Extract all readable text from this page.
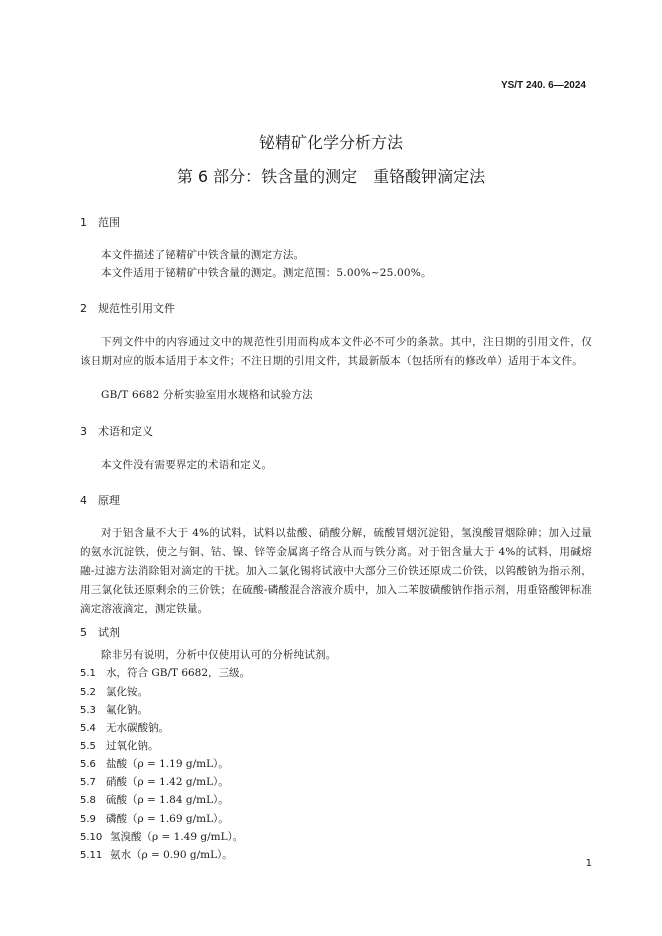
YS/T 240. 6—2024
铋精矿化学分析方法
第 6 部分：铁含量的测定　重铬酸钾滴定法
1 范围
本文件描述了铋精矿中铁含量的测定方法。
本文件适用于铋精矿中铁含量的测定。测定范围：5.00%~25.00%。
2 规范性引用文件
下列文件中的内容通过文中的规范性引用而构成本文件必不可少的条款。其中，注日期的引用文件，仅该日期对应的版本适用于本文件；不注日期的引用文件，其最新版本（包括所有的修改单）适用于本文件。
GB/T 6682 分析实验室用水规格和试验方法
3 术语和定义
本文件没有需要界定的术语和定义。
4 原理
对于铝含量不大于 4%的试料，试料以盐酸、硝酸分解，硫酸冒烟沉淀铅，氢溴酸冒烟除砷；加入过量的氨水沉淀铁，使之与铜、钴、镍、锌等金属离子络合从而与铁分离。对于铝含量大于 4%的试料，用碱熔融-过滤方法消除钼对滴定的干扰。加入二氯化锡将试液中大部分三价铁还原成二价铁，以钨酸钠为指示剂，用三氯化钛还原剩余的三价铁；在硫酸-磷酸混合溶液介质中，加入二苯胺磺酸钠作指示剂，用重铬酸钾标准滴定溶液滴定，测定铁量。
5 试剂
除非另有说明，分析中仅使用认可的分析纯试剂。
5.1 水，符合 GB/T 6682，三级。
5.2 氯化铵。
5.3 氟化钠。
5.4 无水碳酸钠。
5.5 过氧化钠。
5.6 盐酸（ρ = 1.19 g/mL）。
5.7 硝酸（ρ = 1.42 g/mL）。
5.8 硫酸（ρ = 1.84 g/mL）。
5.9 磷酸（ρ = 1.69 g/mL）。
5.10 氢溴酸（ρ = 1.49 g/mL）。
5.11 氨水（ρ = 0.90 g/mL）。
1
